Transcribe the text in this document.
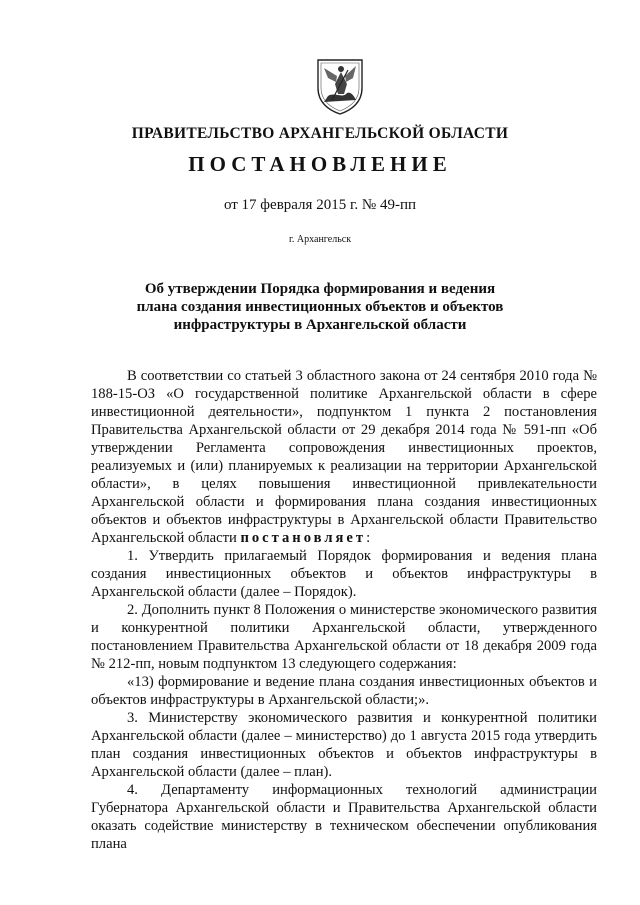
ПРАВИТЕЛЬСТВО АРХАНГЕЛЬСКОЙ ОБЛАСТИ
ПОСТАНОВЛЕНИЕ
от 17 февраля 2015 г. № 49-пп
г. Архангельск
Об утверждении Порядка формирования и ведения
плана создания инвестиционных объектов и объектов
инфраструктуры в Архангельской области

В соответствии со статьей 3 областного закона от 24 сентября 2010 года № 188-15-ОЗ «О государственной политике Архангельской области в сфере инвестиционной деятельности», подпунктом 1 пункта 2 постановления Правительства Архангельской области от 29 декабря 2014 года № 591-пп «Об утверждении Регламента сопровождения инвестиционных проектов, реализуемых и (или) планируемых к реализации на территории Архангельской области», в целях повышения инвестиционной привлекательности Архангельской области и формирования плана создания инвестиционных объектов и объектов инфраструктуры в Архангельской области Правительство Архангельской области постановляет:

1. Утвердить прилагаемый Порядок формирования и ведения плана создания инвестиционных объектов и объектов инфраструктуры в Архангельской области (далее – Порядок).

2. Дополнить пункт 8 Положения о министерстве экономического развития и конкурентной политики Архангельской области, утвержденного постановлением Правительства Архангельской области от 18 декабря 2009 года № 212-пп, новым подпунктом 13 следующего содержания:

«13) формирование и ведение плана создания инвестиционных объектов и объектов инфраструктуры в Архангельской области;».

3. Министерству экономического развития и конкурентной политики Архангельской области (далее – министерство) до 1 августа 2015 года утвердить план создания инвестиционных объектов и объектов инфраструктуры в Архангельской области (далее – план).

4. Департаменту информационных технологий администрации Губернатора Архангельской области и Правительства Архангельской области оказать содействие министерству в техническом обеспечении опубликования плана
